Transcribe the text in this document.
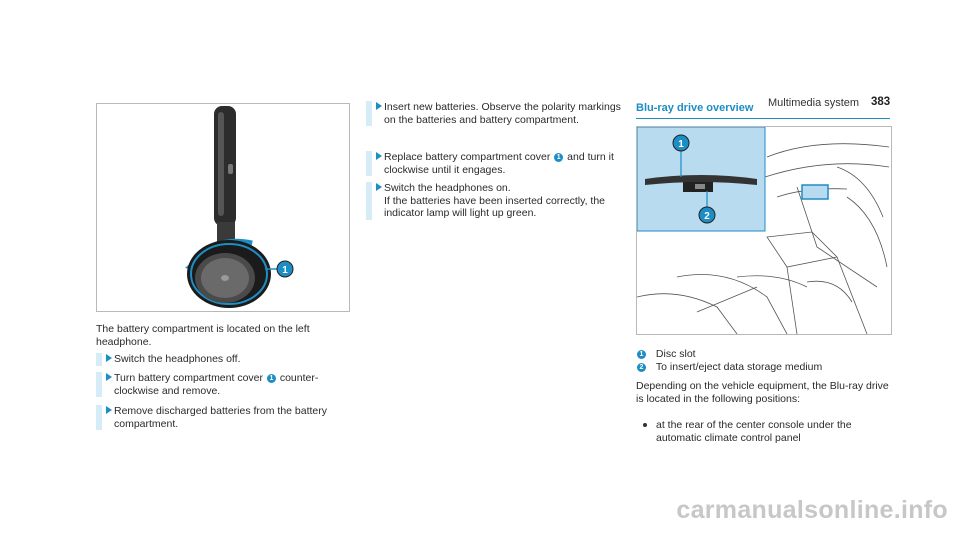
Multimedia system 383
1
The battery compartment is located on the left headphone.
Switch the headphones off.
Turn battery compartment cover 1 counter-clockwise and remove.
Remove discharged batteries from the battery compartment.
Insert new batteries. Observe the polarity markings on the batteries and battery compartment.
Replace battery compartment cover 1 and turn it clockwise until it engages.
Switch the headphones on.
If the batteries have been inserted correctly, the indicator lamp will light up green.
Blu-ray drive overview
1
2
1 Disc slot
2 To insert/eject data storage medium
Depending on the vehicle equipment, the Blu-ray drive is located in the following positions:
at the rear of the center console under the automatic climate control panel
carmanualsonline.info
